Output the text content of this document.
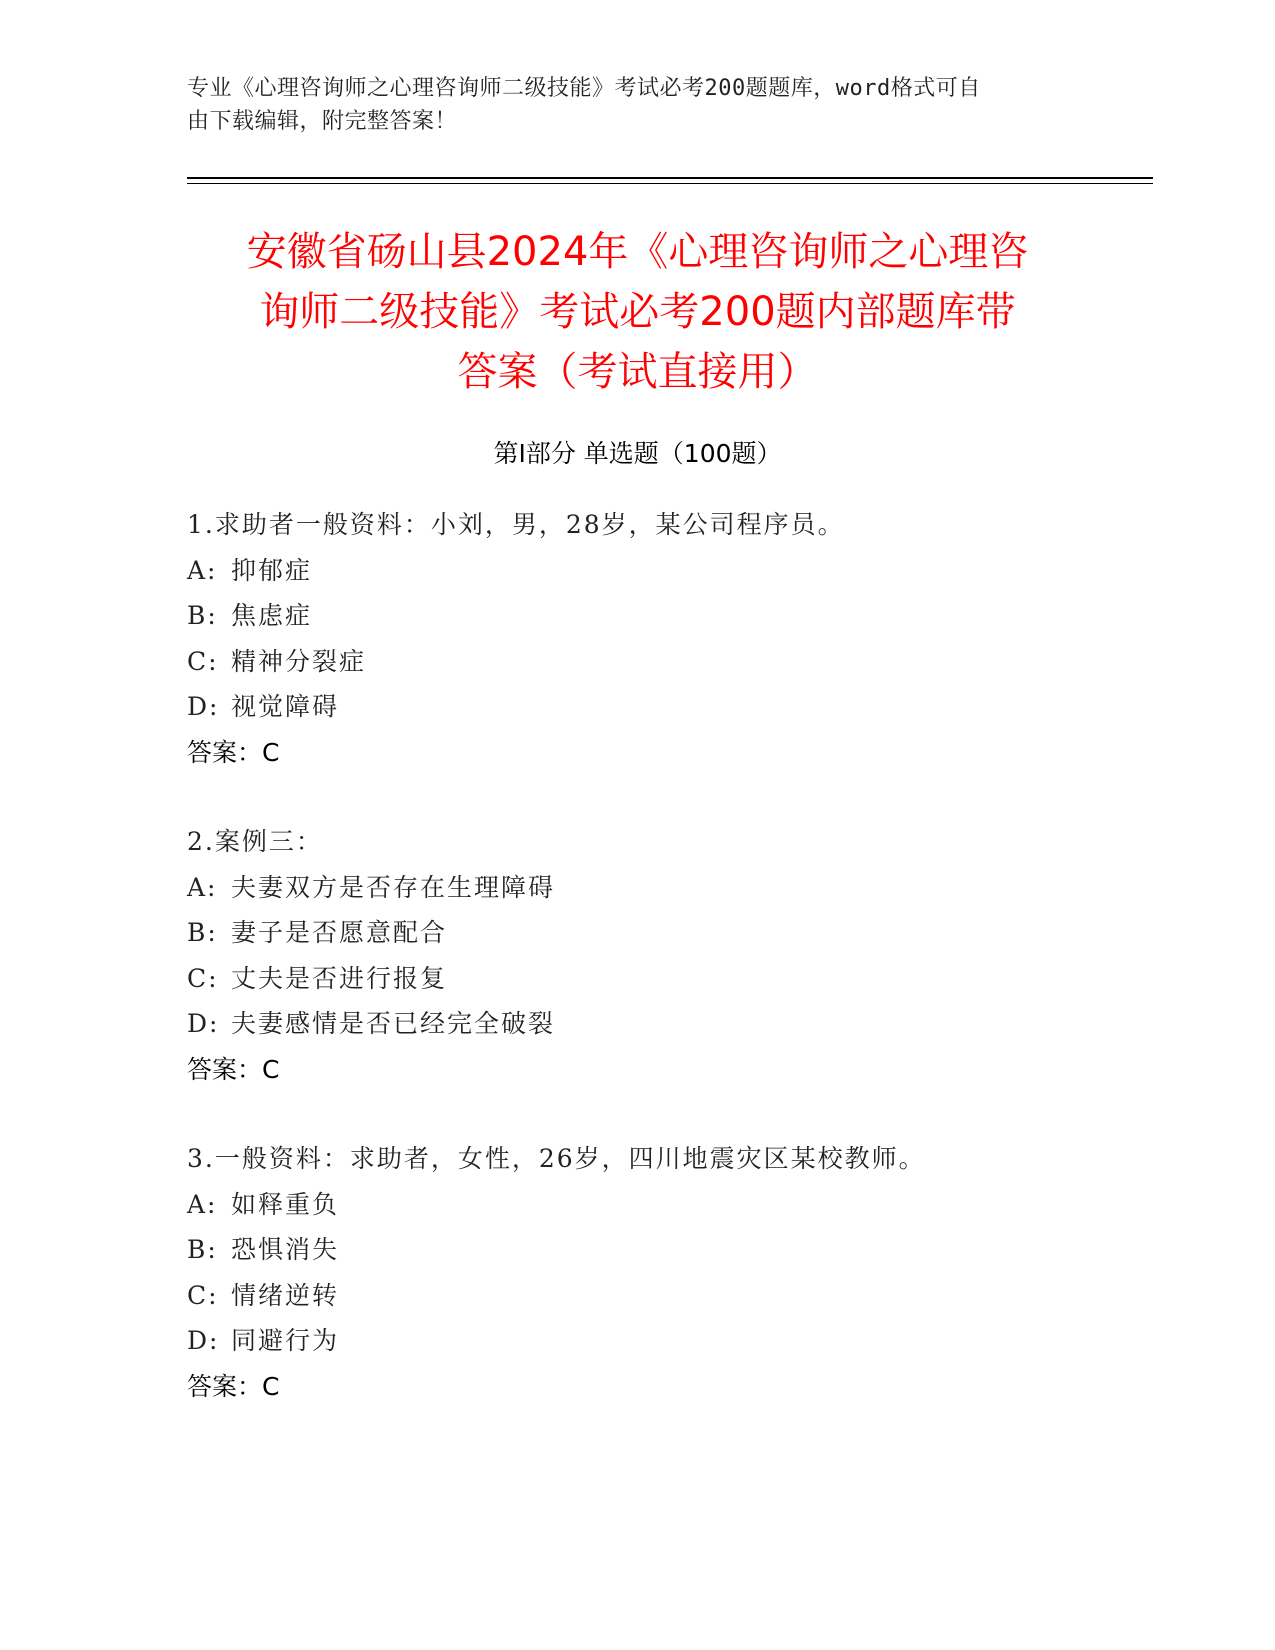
专业《心理咨询师之心理咨询师二级技能》考试必考200题题库，word格式可自
由下载编辑，附完整答案！
安徽省砀山县2024年《心理咨询师之心理咨
询师二级技能》考试必考200题内部题库带
答案（考试直接用）
第Ⅰ部分 单选题（100题）
1.求助者一般资料：小刘，男，28岁，某公司程序员。
A: 抑郁症
B: 焦虑症
C: 精神分裂症
D: 视觉障碍
答案：C
2.案例三：
A: 夫妻双方是否存在生理障碍
B: 妻子是否愿意配合
C: 丈夫是否进行报复
D: 夫妻感情是否已经完全破裂
答案：C
3.一般资料：求助者，女性，26岁，四川地震灾区某校教师。
A: 如释重负
B: 恐惧消失
C: 情绪逆转
D: 同避行为
答案：C
